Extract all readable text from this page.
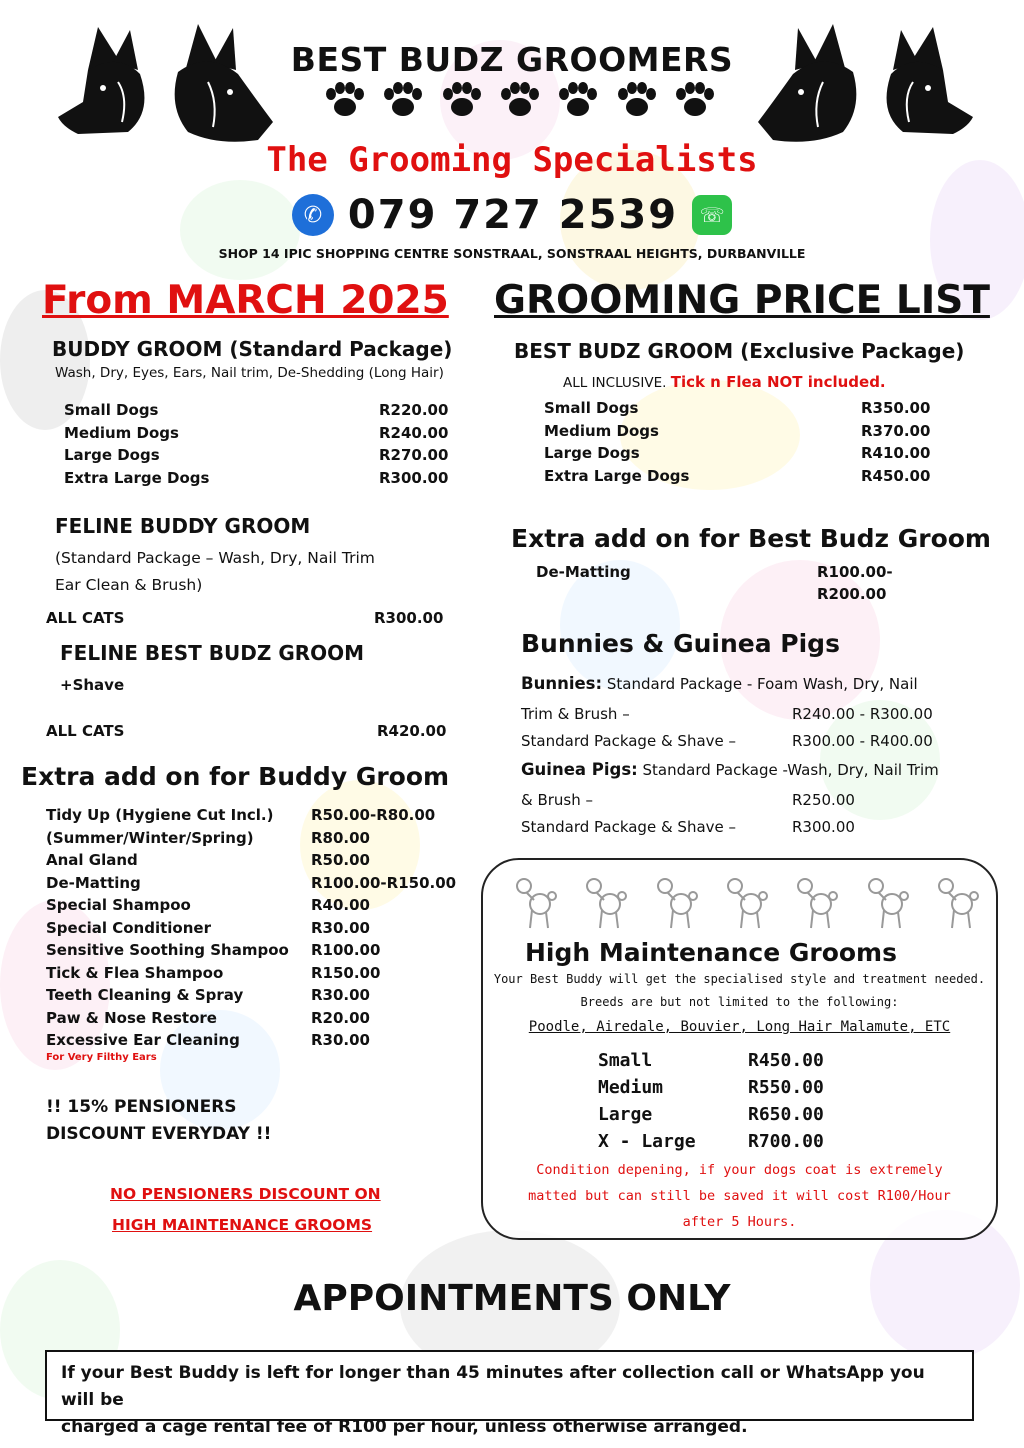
BEST BUDZ GROOMERS
The Grooming Specialists
✆ 079 727 2539	☏
SHOP 14 IPIC SHOPPING CENTRE SONSTRAAL, SONSTRAAL HEIGHTS, DURBANVILLE
From MARCH 2025 GROOMING PRICE LIST
BUDDY GROOM (Standard Package)
Wash, Dry, Eyes, Ears, Nail trim, De-Shedding (Long Hair)
Small Dogs	R220.00
Medium Dogs	R240.00
Large Dogs	R270.00
Extra Large Dogs	R300.00
BEST BUDZ GROOM (Exclusive Package)
ALL INCLUSIVE. Tick n Flea NOT included.
Small Dogs	R350.00
Medium Dogs	R370.00
Large Dogs	R410.00
Extra Large Dogs	R450.00
FELINE BUDDY GROOM
(Standard Package – Wash, Dry, Nail Trim
Ear Clean & Brush)
ALL CATS	R300.00
FELINE BEST BUDZ GROOM
+Shave
ALL CATS	R420.00
Extra add on for Best Budz Groom
De-Matting	R100.00-
R200.00
Bunnies & Guinea Pigs
Bunnies: Standard Package - Foam Wash, Dry, Nail
Trim & Brush –	R240.00 - R300.00
Standard Package & Shave –	R300.00 - R400.00
Guinea Pigs: Standard Package -Wash, Dry, Nail Trim
& Brush –	R250.00
Standard Package & Shave –	R300.00
Extra add on for Buddy Groom
Tidy Up (Hygiene Cut Incl.)	R50.00-R80.00
(Summer/Winter/Spring)	R80.00
Anal Gland	R50.00
De-Matting	R100.00-R150.00
Special Shampoo	R40.00
Special Conditioner	R30.00
Sensitive Soothing Shampoo	R100.00
Tick & Flea Shampoo	R150.00
Teeth Cleaning & Spray	R30.00
Paw & Nose Restore	R20.00
Excessive Ear Cleaning	R30.00
For Very Filthy Ears
!! 15% PENSIONERS
DISCOUNT EVERYDAY !!
NO PENSIONERS DISCOUNT ON
HIGH MAINTENANCE GROOMS
High Maintenance Grooms
Your Best Buddy will get the specialised style and treatment needed.
Breeds are but not limited to the following:
Poodle, Airedale, Bouvier, Long Hair Malamute, ETC
Small	R450.00
Medium	R550.00
Large	R650.00
X - Large	R700.00
Condition depening, if your dogs coat is extremely
matted but can still be saved it will cost R100/Hour
after 5 Hours.
APPOINTMENTS ONLY
If your Best Buddy is left for longer than 45 minutes after collection call or WhatsApp you will be
charged a cage rental fee of R100 per hour, unless otherwise arranged.
